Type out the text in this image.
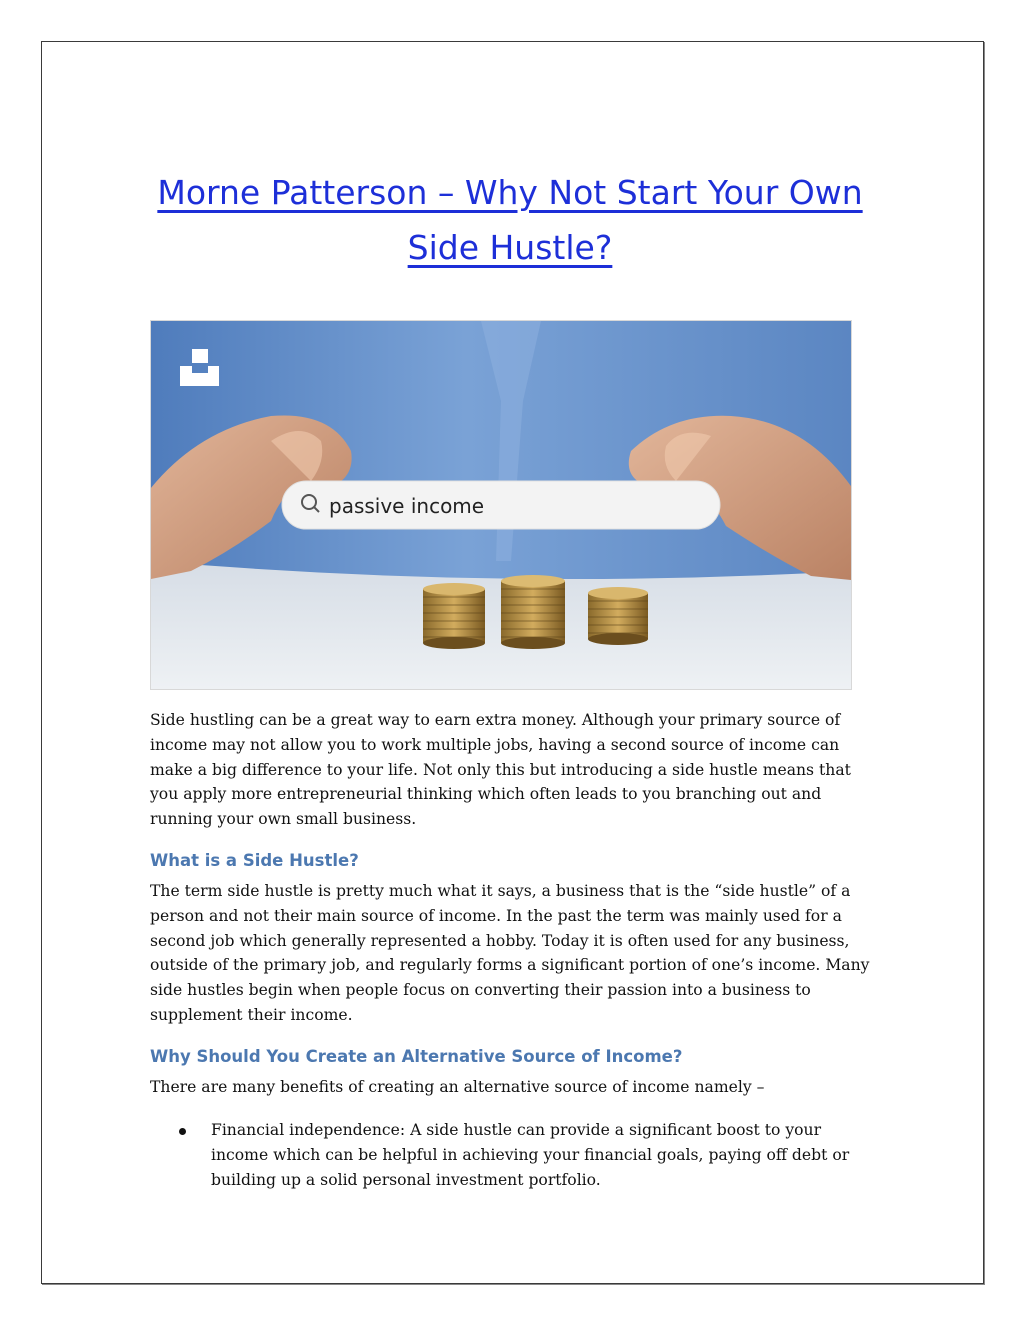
Morne Patterson – Why Not Start Your Own Side Hustle?
passive income

Side hustling can be a great way to earn extra money. Although your primary source of income may not allow you to work multiple jobs, having a second source of income can make a big difference to your life. Not only this but introducing a side hustle means that you apply more entrepreneurial thinking which often leads to you branching out and running your own small business.

What is a Side Hustle?

The term side hustle is pretty much what it says, a business that is the “side hustle” of a person and not their main source of income. In the past the term was mainly used for a second job which generally represented a hobby. Today it is often used for any business, outside of the primary job, and regularly forms a significant portion of one’s income. Many side hustles begin when people focus on converting their passion into a business to supplement their income.

Why Should You Create an Alternative Source of Income?

There are many benefits of creating an alternative source of income namely –

Financial independence: A side hustle can provide a significant boost to your income which can be helpful in achieving your financial goals, paying off debt or building up a solid personal investment portfolio.
